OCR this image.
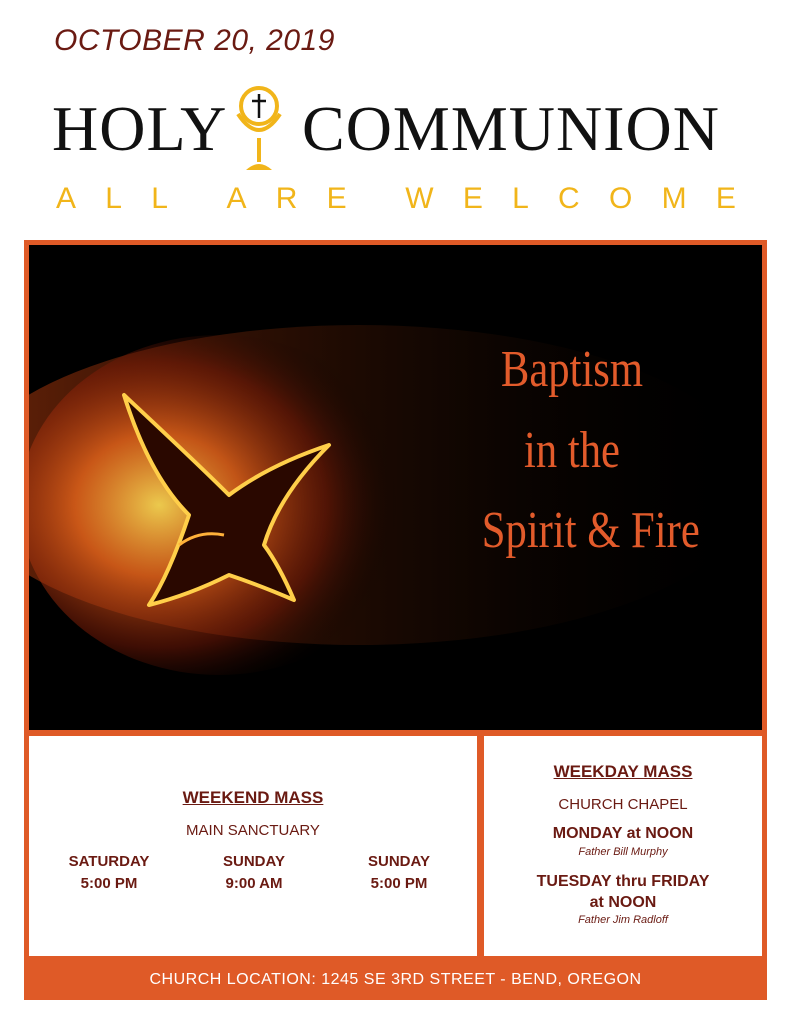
OCTOBER 20, 2019
HOLY COMMUNION
A L L A R E W E L C O M E
Baptism
in the
Spirit & Fire
WEEKEND MASS
MAIN SANCTUARY
SATURDAY
5:00 PM
SUNDAY
9:00 AM
SUNDAY
5:00 PM
WEEKDAY MASS
CHURCH CHAPEL
MONDAY at NOON
Father Bill Murphy
TUESDAY thru FRIDAY
at NOON
Father Jim Radloff
CHURCH LOCATION: 1245 SE 3RD STREET - BEND, OREGON
